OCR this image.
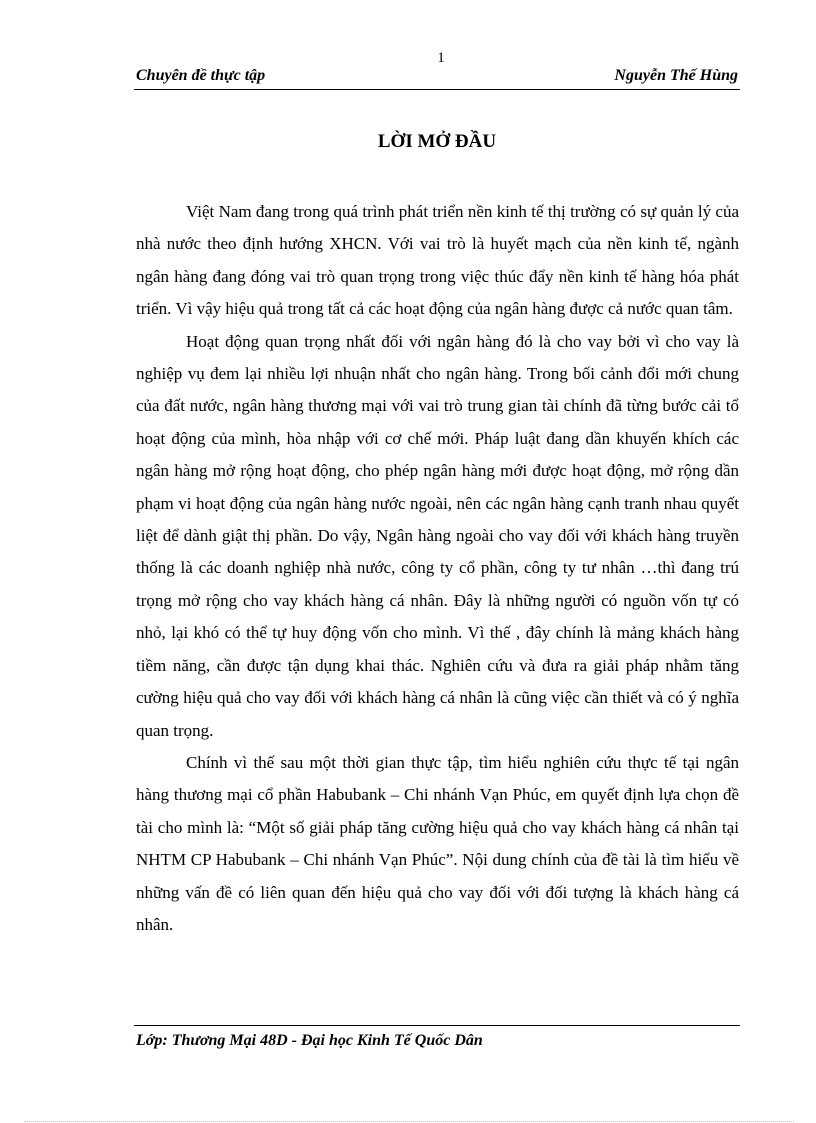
1
Chuyên đề thực tập	Nguyễn Thế Hùng
LỜI MỞ ĐẦU

Việt Nam đang trong quá trình phát triển nền kinh tế thị trường có sự quản lý của nhà nước theo định hướng XHCN. Với vai trò là huyết mạch của nền kinh tế, ngành ngân hàng đang đóng vai trò quan trọng trong việc thúc đẩy nền kinh tế hàng hóa phát triển. Vì vậy hiệu quả trong tất cả các hoạt động của ngân hàng được cả nước quan tâm.

Hoạt động quan trọng nhất đối với ngân hàng đó là cho vay bởi vì cho vay là nghiệp vụ đem lại nhiều lợi nhuận nhất cho ngân hàng. Trong bối cảnh đổi mới chung của đất nước, ngân hàng thương mại với vai trò trung gian tài chính đã từng bước cải tổ hoạt động của mình, hòa nhập với cơ chế mới. Pháp luật đang dần khuyến khích các ngân hàng mở rộng hoạt động, cho phép ngân hàng mới được hoạt động, mở rộng dần phạm vi hoạt động của ngân hàng nước ngoài, nên các ngân hàng cạnh tranh nhau quyết liệt để dành giật thị phần. Do vậy, Ngân hàng ngoài cho vay đối với khách hàng truyền thống là các doanh nghiệp nhà nước, công ty cổ phần, công ty tư nhân …thì đang trú trọng mở rộng cho vay khách hàng cá nhân. Đây là những người có nguồn vốn tự có nhỏ, lại khó có thể tự huy động vốn cho mình. Vì thế , đây chính là mảng khách hàng tiềm năng, cần được tận dụng khai thác. Nghiên cứu và đưa ra giải pháp nhằm tăng cường hiệu quả cho vay đối với khách hàng cá nhân là cũng việc cần thiết và có ý nghĩa quan trọng.

Chính vì thế sau một thời gian thực tập, tìm hiểu nghiên cứu thực tế tại ngân hàng thương mại cổ phần Habubank – Chi nhánh Vạn Phúc, em quyết định lựa chọn đề tài cho mình là: “Một số giải pháp tăng cường hiệu quả cho vay khách hàng cá nhân tại NHTM CP Habubank – Chi nhánh Vạn Phúc”. Nội dung chính của đề tài là tìm hiểu về những vấn đề có liên quan đến hiệu quả cho vay đối với đối tượng là khách hàng cá nhân.

Lớp: Thương Mại 48D - Đại học Kinh Tế Quốc Dân
